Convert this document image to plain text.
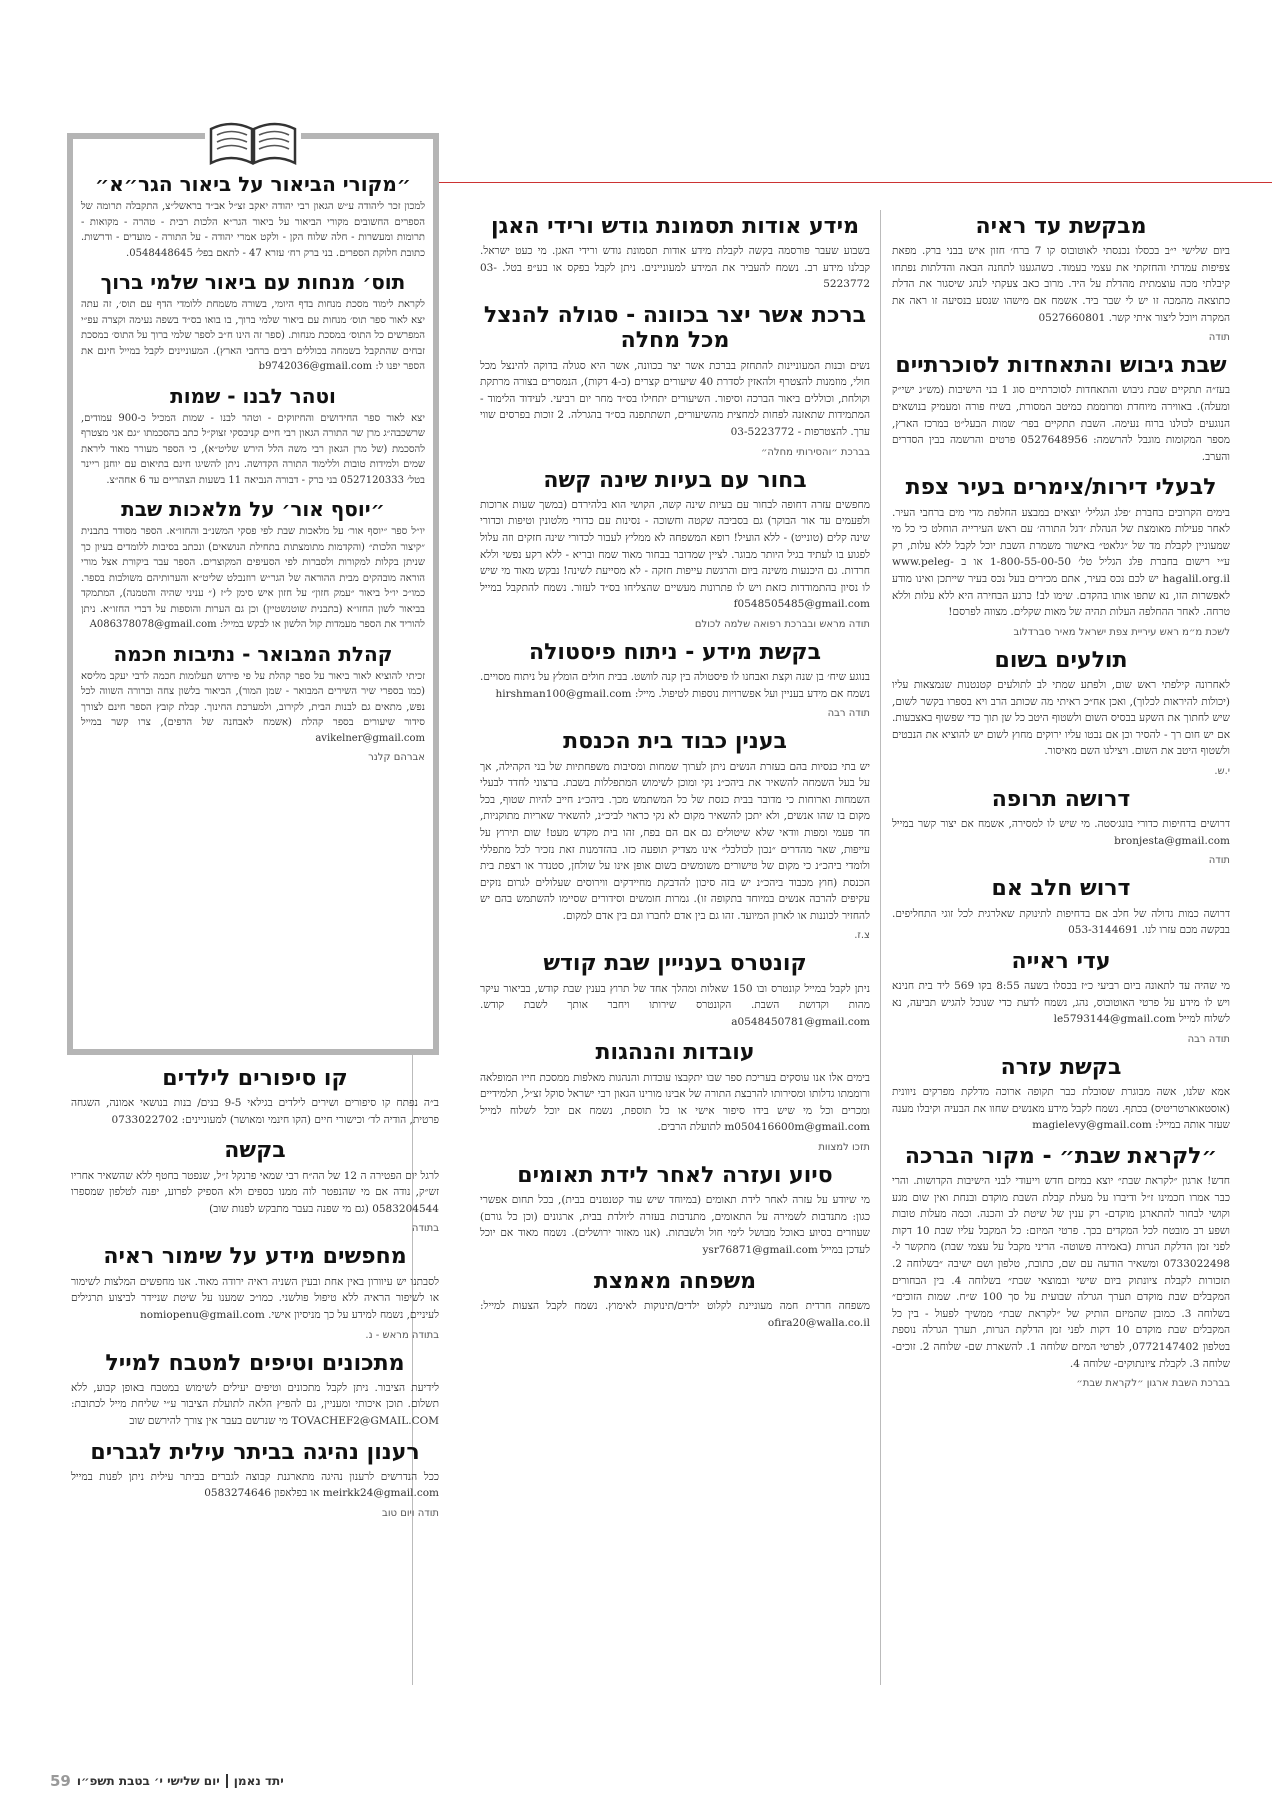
מבקשת עד ראיה

ביום שלישי י״ב בכסלו נכנסתי לאוטובוס קו 7 ברח׳ חזון איש בבני ברק. מפאת צפיפות עמדתי והחזקתי את עצמי בעמוד. כשהגענו לתחנה הבאה והדלתות נפתחו קיבלתי מכה עוצמתית מהדלת על היד. מרוב כאב צעקתי לנהג שיסגור את הדלת כתוצאה מהמכה זו יש לי שבר ביד. אשמח אם מישהו שנסע בנסיעה זו ראה את המקרה ויוכל ליצור איתי קשר. 0527660801

תודה
שבת גיבוש והתאחדות לסוכרתיים

בעז״ה תתקיים שבת גיבוש והתאחדות לסוכרתיים סוג 1 בני הישיבות (מש״ג ישי״ק ומעלה). באווירה מיוחדת ומרוממת כמיטב המסורת, בשיח פורה ומעמיק בנושאים הנוגעים לכולנו ברוח נעימה. השבת תתקיים בפר׳ שמות הבעל״ט במרכז הארץ, מספר המקומות מוגבל להרשמה: 0527648956 פרטים והרשמה בבין הסדרים והערב.

לבעלי דירות/צימרים בעיר צפת

בימים הקרובים בחברת ׳פלג הגליל׳ יוצאים במבצע החלפת מדי מים ברחבי העיר. לאחר פעילות מאומצת של הנהלת ׳דגל התורה׳ עם ראש העירייה הוחלט כי כל מי שמעוניין לקבלת מד של ״גלאט״ באישור משמרת השבת יוכל לקבל ללא עלות, רק ע״י רישום בחברת פלג הגליל טל׳ 1-800-55-00-50 או ב www.peleg-hagalil.org.il יש לכם נכס בעיר, אתם מכירים בעל נכס בעיר שייתכן ואינו מודע לאפשרות הזו, נא שתפו אותו בהקדם. שימו לב! כרגע הבחירה היא ללא עלות וללא טרחה. לאחר ההחלפה העלות תהיה של מאות שקלים. מצווה לפרסם!

לשכת מ״מ ראש עיריית צפת ישראל מאיר סברדלוב
תולעים בשום

לאחרונה קילפתי ראש שום, ולפתע שמתי לב לתולעים קטנטנות שנמצאות עליו (יכולות להיראות לכלוך), ואכן אח״כ ראיתי מה שכותב הרב ויא בספרו בקשר לשום, שיש לחתוך את השקע בבסיס השום ולשטוף היטב כל שן תוך כדי שפשוף באצבעות. אם יש חום רך - להסיר וכן אם נבטו עליו ירוקים מחוץ לשום יש להוציא את הנבטים ולשטוף היטב את השום. ויצילנו השם מאיסור.

י.ש.
דרושה תרופה

דרושים בדחיפות כדורי בונג׳סטה. מי שיש לו למסירה, אשמח אם יצור קשר במייל bronjesta@gmail.com

תודה
דרוש חלב אם

דרושה כמות גדולה של חלב אם בדחיפות לתינוקת שאלרגית לכל זוגי התחליפים. בבקשה מכם עזרו לנו. 053-3144691

עדי ראייה

מי שהיה עד לתאונה ביום רביעי כ״ז בכסלו בשעה 8:55 בקו 569 ליד בית חנינא ויש לו מידע על פרטי האוטובוס, נהג, נשמח לדעת כדי שנוכל להגיש תביעה, נא לשלוח למייל le5793144@gmail.com

תודה רבה
בקשת עזרה

אמא שלנו, אשה מבוגרת שסובלת כבר תקופה ארוכה מדלקת מפרקים ניוונית (אוסטאוארטריטיס) בכתף. נשמח לקבל מידע מאנשים שחוו את הבעיה וקיבלו מענה שעזר אותה במייל: magielevy@gmail.com

״לקראת שבת״ - מקור הברכה

חדש! ארגון ״לקראת שבת״ יוצא במיזם חדש וייעודי לבני הישיבות הקדושות. והרי כבר אמרו חכמינו ז״ל ודיברו על מעלת קבלת השבת מוקדם ובנחת ואין שום מגע וקושי לבחור להתארגן מוקדם- רק ענין של שיטת לב והכנה. וכמה מעלות טובות ושפע רב מובטח לכל המקדים בכך. פרטי המיזם: כל המקבל עליו שבת 10 דקות לפני זמן הדלקת הנרות (באמירה פשוטה- הריני מקבל על עצמי שבת) מתקשר ל- 0733022498 ומשאיר הודעה עם שם, כתובת, טלפון ושם ישיבה ״בשלוחה 2. תזכורות לקבלת ציונתוק ביום שישי ובמוצאי שבת״ בשלוחה 4. בין הבחורים המקבלים שבת מוקדם תערך הגרלה שבועית על סך 100 ש״ח. שמות הזוכים״ בשלוחה 3. כמובן שהמיזם הותיק של ״לקראת שבת״ ממשיך לפעול - בין כל המקבלים שבת מוקדם 10 דקות לפני זמן הדלקת הנרות, תערך הגרלה נוספת בטלפון 0772147402, לפרטי המיזם שלוחה 1. להשארת שם- שלוחה 2. זוכים- שלוחה 3. לקבלת ציונתוקים- שלוחה 4.

בברכת השבת ארגון ״לקראת שבת״
מידע אודות תסמונת גודש ורידי האגן

בשבוע שעבר פורסמה בקשה לקבלת מידע אודות תסמונת גודש ורידי האגן. מי כעט ישראל. קבלנו מידע רב. נשמח להעביר את המידע למעוניינים. ניתן לקבל בפקס או בע״פ בטל. 03-5223772

ברכת אשר יצר בכוונה - סגולה להנצל מכל מחלה

נשים ובנות המעוניינות להתחזק בברכת אשר יצר בכוונה, אשר היא סגולה בדוקה להינצל מכל חולי, מוזמנות להצטרף ולהאזין לסדרת 40 שיעורים קצרים (כ-4 דקות), הנמסרים בצורה מרתקת וקולחת, וכוללים ביאור הברכה וסיפור. השיעורים יתחילו בס״ד מחר יום רביעי. לעידוד הלימוד - המתמידות שתאזנה לפחות למחצית מהשיעורים, תשתתפנה בס״ד בהגרלה. 2 זוכות בפרסים שווי ערך. להצטרפות - 03-5223772

בברכת ״והסירותי מחלה״
בחור עם בעיות שינה קשה

מחפשים עזרה דחופה לבחור עם בעיות שינה קשה, הקושי הוא בלהירדם (במשך שעות ארוכות ולפעמים עד אור הבוקר) גם בסביבה שקטה וחשוכה - נסינות עם כדורי מלטונין וטיפות וכדורי שינה קלים (טונייט) - ללא הועיל! רופא המשפחה לא ממליץ לעבור לכדורי שינה חזקים וזה עלול לפגוע בו לעתיד בגיל היותר מבוגר. לציין שמדובר בבחור מאוד שמח ובריא - ללא רקע נפשי וללא חרדות. גם היכנעות משינה ביום והרגשת עייפות חזקה - לא מסייעת לשינה! נבקש מאוד מי שיש לו נסיון בהתמודדות כזאת ויש לו פתרונות מעשיים שהצליחו בס״ד לעזור. נשמח להתקבל במייל f0548505485@gmail.com

תודה מראש ובברכת רפואה שלמה לכולם
בקשת מידע - ניתוח פיסטולה

בנוגע שיח׳ בן שנה וקצת ואבחנו לו פיסטולה בין קנה לוושט. בבית חולים הומלץ על ניתוח מסויים. נשמח אם מידע בעניין ועל אפשרויות נוספות לטיפול. מייל: hirshman100@gmail.com

תודה רבה
בענין כבוד בית הכנסת

יש בתי כנסיות בהם בעזרת הנשים ניתן לערוך שמחות ומסיבות משפחתיות של בני הקהילה, אך על בעל השמחה להשאיר את ביהכ״נ נקי ומוכן לשימוש המתפללות בשבת. ברצוני לחדד לבעלי השמחות וארוחות כי מדובר בבית כנסת של כל המשתמש מכך. ביהכ״נ חייב להיות שטוף, בכל מקום בו שהו אנשים, ולא יתכן להשאיר מקום לא נקי כראוי לביכ״נ, להשאיר שאריות מתוקניות, חד פעמי ומפות וודאי שלא שיטולים גם אם הם בפח, זהו בית מקדש מעט! שום תירוץ על עייפות, שאר מהדרים ״נכון לכולכל״ אינו מצדיק תופעה כזו. בהזדמנות זאת נזכיר לכל מתפללי ולומדי ביהכ״נ כי מקום של טישורים משומשים בשום אופן אינו על שולחן, סטנדר או רצפת בית הכנסת (חוץ מכבוד ביהכ״נ יש בזה סיכון להדבקת מחיידקים ווירוסים שעלולים לגרום נזקים עקיפים להרבה אנשים במיוחד בתקופה זו). גמרות חומשים וסידורים שסיימו להשתמש בהם יש להחזיר לכוננות או לארון המיועד. זהו גם בין אדם לחברו וגם בין אדם למקום.

צ.ז.
קונטרס בענייין שבת קודש

ניתן לקבל במייל קונטרס ובו 150 שאלות ומהלך אחד של תרוץ בענין שבת קודש, בביאור עיקר מהות וקדושת השבת. הקונטרס שירותו ויחבר אותך לשבת קודש. a0548450781@gmail.com

עובדות והנהגות

בימים אלו אנו עוסקים בעריכת ספר שבו יתקבצו עובדות והנהגות מאלפות ממסכת חייו המופלאה ורוממתו גדלותו ומסירותו להרבצת התורה של אבינו מורינו הגאון רבי ישראל סוקל זצ״ל, תלמידיים ומכרים וכל מי שיש בידו סיפור אישי או כל תוספת, נשמח אם יוכל לשלוח למייל m050416600m@gmail.com לתועלת הרבים.

תזכו למצוות
סיוע ועזרה לאחר לידת תאומים

מי שיודע על עזרה לאחר לידת תאומים (במיוחד שיש עוד קטנטנים בבית), בכל תחום אפשרי כגון: מתנדבות לשמירה על התאומים, מתנדבות בעזרה ליולדת בבית, ארגונים (וכן כל גורם) שעוזרים בסיוע באוכל מבושל לימי חול ולשבתות. (אנו מאזור ירושלים). נשמח מאוד אם יוכל לעדכן במייל ysr76871@gmail.com

משפחה מאמצת

משפחה חרדית חמה מעוניינת לקלוט ילדים/תינוקות לאימוץ. נשמח לקבל הצעות למייל: ofira20@walla.co.il

״מקורי הביאור על ביאור הגר״א״

למכון זכר ליהודה ע״ש הגאון רבי יהודה יאקב זצ״ל אב״ד בראשל״צ, התקבלה תרומה של הספרים החשובים מקורי הביאור על ביאור הגר״א הלכות רבית - טהרה - מקואות - תרומות ומעשרות - חלה שלוח הקן - ולקט אמרי יהודה - על התורה - מועדים - ודרשות. כתובת חלוקת הספרים. בני ברק רח׳ עזרא 47 - לתאם בפל׳ 0548448645.

תוס׳ מנחות עם ביאור שלמי ברוך

לקראת לימוד מסכת מנחות בדף היומי, בשורה משמחת ללומדי הדף עם תוס׳, זה עתה יצא לאור ספר תוס׳ מנחות עם ביאור שלמי ברוך, בו בואו בס״ד בשפה נעימה וקצרה עפ״י המפרשים כל התוס׳ במסכת מנחות. (ספר זה הינו ח״ב לספר שלמי ברוך על התוס׳ במסכת זבחים שהתקבל בשמחה בכוללים רבים ברחבי הארץ). המעוניינים לקבל במייל חינם את הספר יפנו ל: b9742036@gmail.com

וטהר לבנו - שמות

יצא לאור ספר החידושים והחיזוקים - וטהר לבנו - שמות המכיל כ-900 עמודים, שרשכבה״ג מרן שר התורה הגאון רבי חיים קניבסקי זצוק״ל כתב בהסכמתו ״גם אני מצטרף להסכמת (של מרן הגאון רבי משה הלל הירש שליט״א), כי הספר מעורר מאוד ליראת שמים ולמידות טובות וללימוד התורה הקדושה. ניתן להשיגו חינם בתיאום עם יוחנן ריינר בטל׳ 0527120333 בני ברק - דבורה הנביאה 11 בשעות הצהריים עד 6 אחה״צ.

״יוסף אור׳ על מלאכות שבת

יו״ל ספר ״יוסף אור׳ על מלאכות שבת לפי פסקי המשנ״ב והחזו״א. הספר מסודר בתבנית ״קיצור הלכות״ (והקדמות מתומצתות בתחילת הנושאים) ונכתב בסיבות ללומדים בעיון כך שניתן בקלות למקורות ולסברות לפי הסעיפים המקוצרים. הספר עבר ביקורת אצל מורי הוראה מובהקים מבית ההוראה של הגר״ש רוזנבלט שליט״א והערותיהם משולבות בספר. כמו״כ יו״ל ביאור ״עמק חזון״ על חזון איש סימן ל״ז (״ עניני שהיה והטמנה), המתמקד בביאור לשון החזו״א (בתבנית שוטנשטיין) וכן גם הערות והוספות על דברי החזו״א. ניתן להוריד את הספר מעמדות קול הלשון או לבקש במייל: A086378078@gmail.com

קהלת המבואר - נתיבות חכמה

זכיתי להוציא לאור ביאור על ספר קהלת על פי פירוש תעלומות חכמה לרבי יעקב מליסא (כמו בספרי שיר השירים המבואר - שמן המור), הביאור בלשון צחה וברורה השווה לכל נפש, מתאים גם לבנות הבית, לקירוב, ולמערכת החינוך. קבלת קובץ הספר חינם לצורך סידור שיעורים בספר קהלת (אשמח לאבחנה של הדפים), צרו קשר במייל avikelner@gmail.com

אברהם קלנר
קו סיפורים לילדים

ב״ה נפתח קו סיפורים ושירים לילדים בגילאי 9-5 בנים/ בנות בנושאי אמונה, השגחה פרטית, הודיה לד׳ וכישורי חיים (הקו חינמי ומאושר) למעוניינים: 0733022702

בקשה

לרגל יום הפטירה ה 12 של הה״ח רבי שמאי פרנקל ז״ל, שנפטר בחטף ללא שהשאיר אחריו זש״ק, נודה אם מי שהנפטר לוה ממנו כספים ולא הספיק לפרוע, יפנה לטלפון שמספרו 0583204544 (גם מי שפנה בעבר מתבקש לפנות שוב)

בתודה
מחפשים מידע על שימור ראיה

לסבתנו יש עיוורון באין אחת ובעין השניה ראיה ירודה מאוד. אנו מחפשים המלצות לשימור או לשיפור הראיה ללא טיפול פולשני. כמו״כ שמענו על שיטת שניידר לביצוע תרגילים לעיניים, נשמח למידע על כך מניסיון אישי. nomiopenu@gmail.com

בתודה מראש - נ.
מתכונים וטיפים למטבח למייל

לידיעת הציבור. ניתן לקבל מתכונים וטיפים יעילים לשימוש במטבח באופן קבוע, ללא תשלום. תוכן איכותי ומעניין, גם להפיץ הלאה לתועלת הציבור ע״י שליחת מייל לכתובת: TOVACHEF2@GMAIL.COM מי שנרשם בעבר אין צורך להירשם שוב

רענון נהיגה בביתר עילית לגברים

ככל הנדרשים לרענון נהיגה מתארגנת קבוצה לגברים בביתר עילית ניתן לפנות במייל meirkk24@gmail.com או בפלאפון 0583274646

תודה ויום טוב
59 יום שלישי י׳ בטבת תשפ״ו יתד נאמן
